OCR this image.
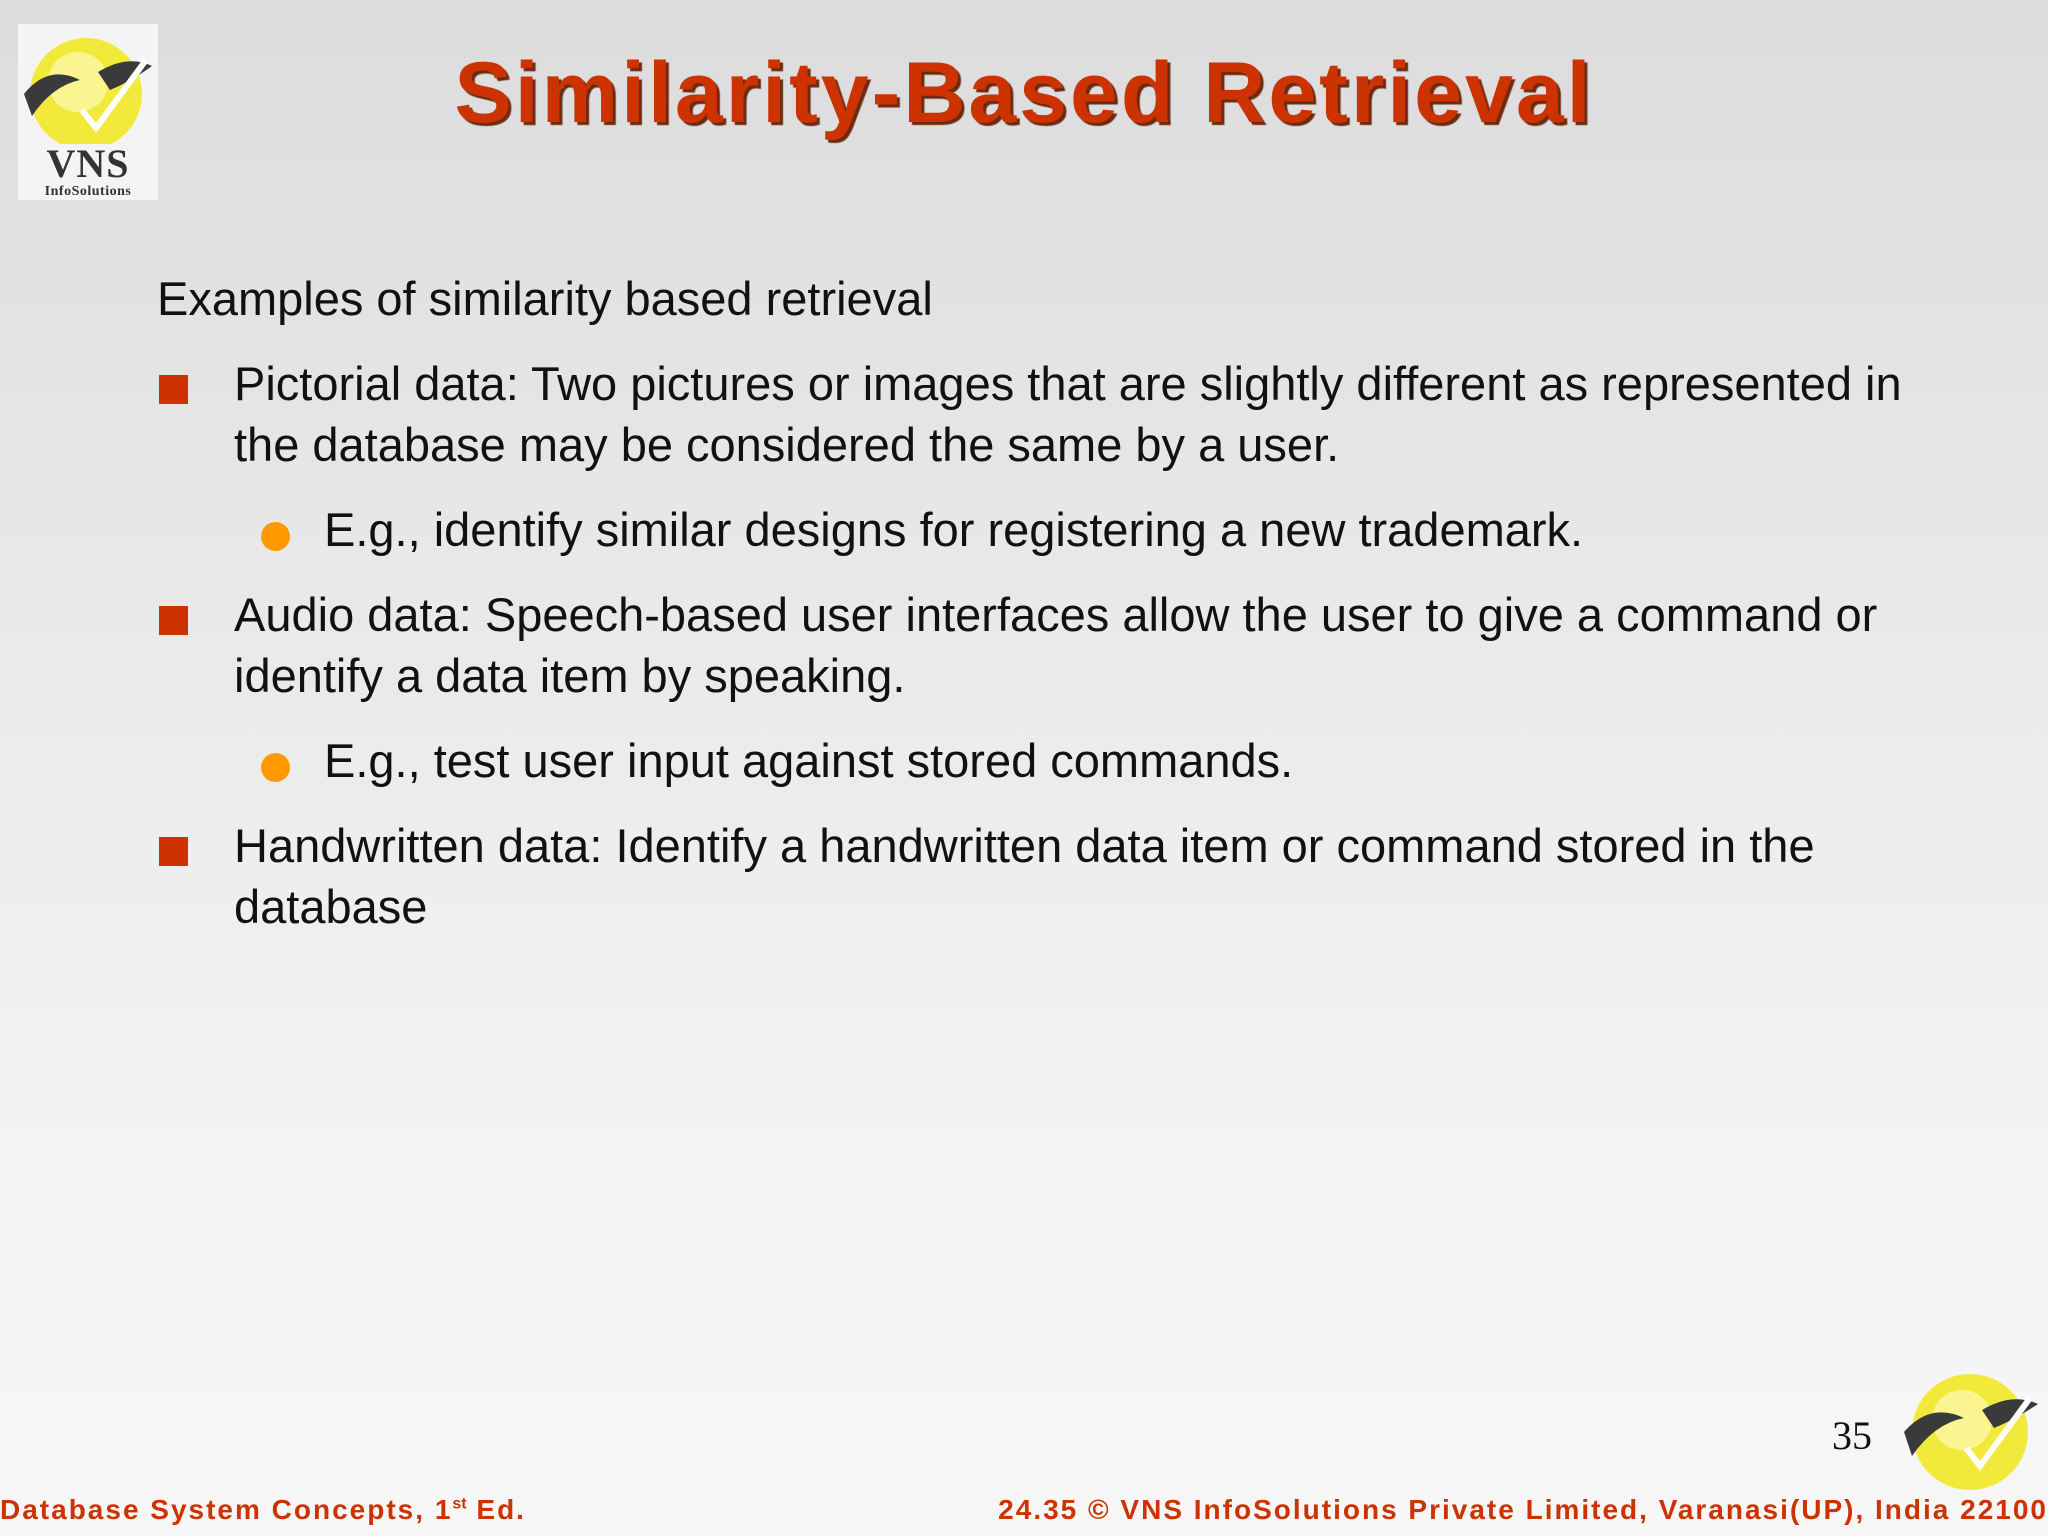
VNS
InfoSolutions
Similarity-Based Retrieval

Examples of similarity based retrieval

Pictorial data: Two pictures or images that are slightly different as represented in the database may be considered the same by a user.
E.g., identify similar designs for registering a new trademark.
Audio data: Speech-based user interfaces allow the user to give a command or identify a data item by speaking.
E.g., test user input against stored commands.
Handwritten data: Identify a handwritten data item or command stored in the database
35
Database System Concepts, 1st Ed.	24.35 © VNS InfoSolutions Private Limited, Varanasi(UP), India 22100
